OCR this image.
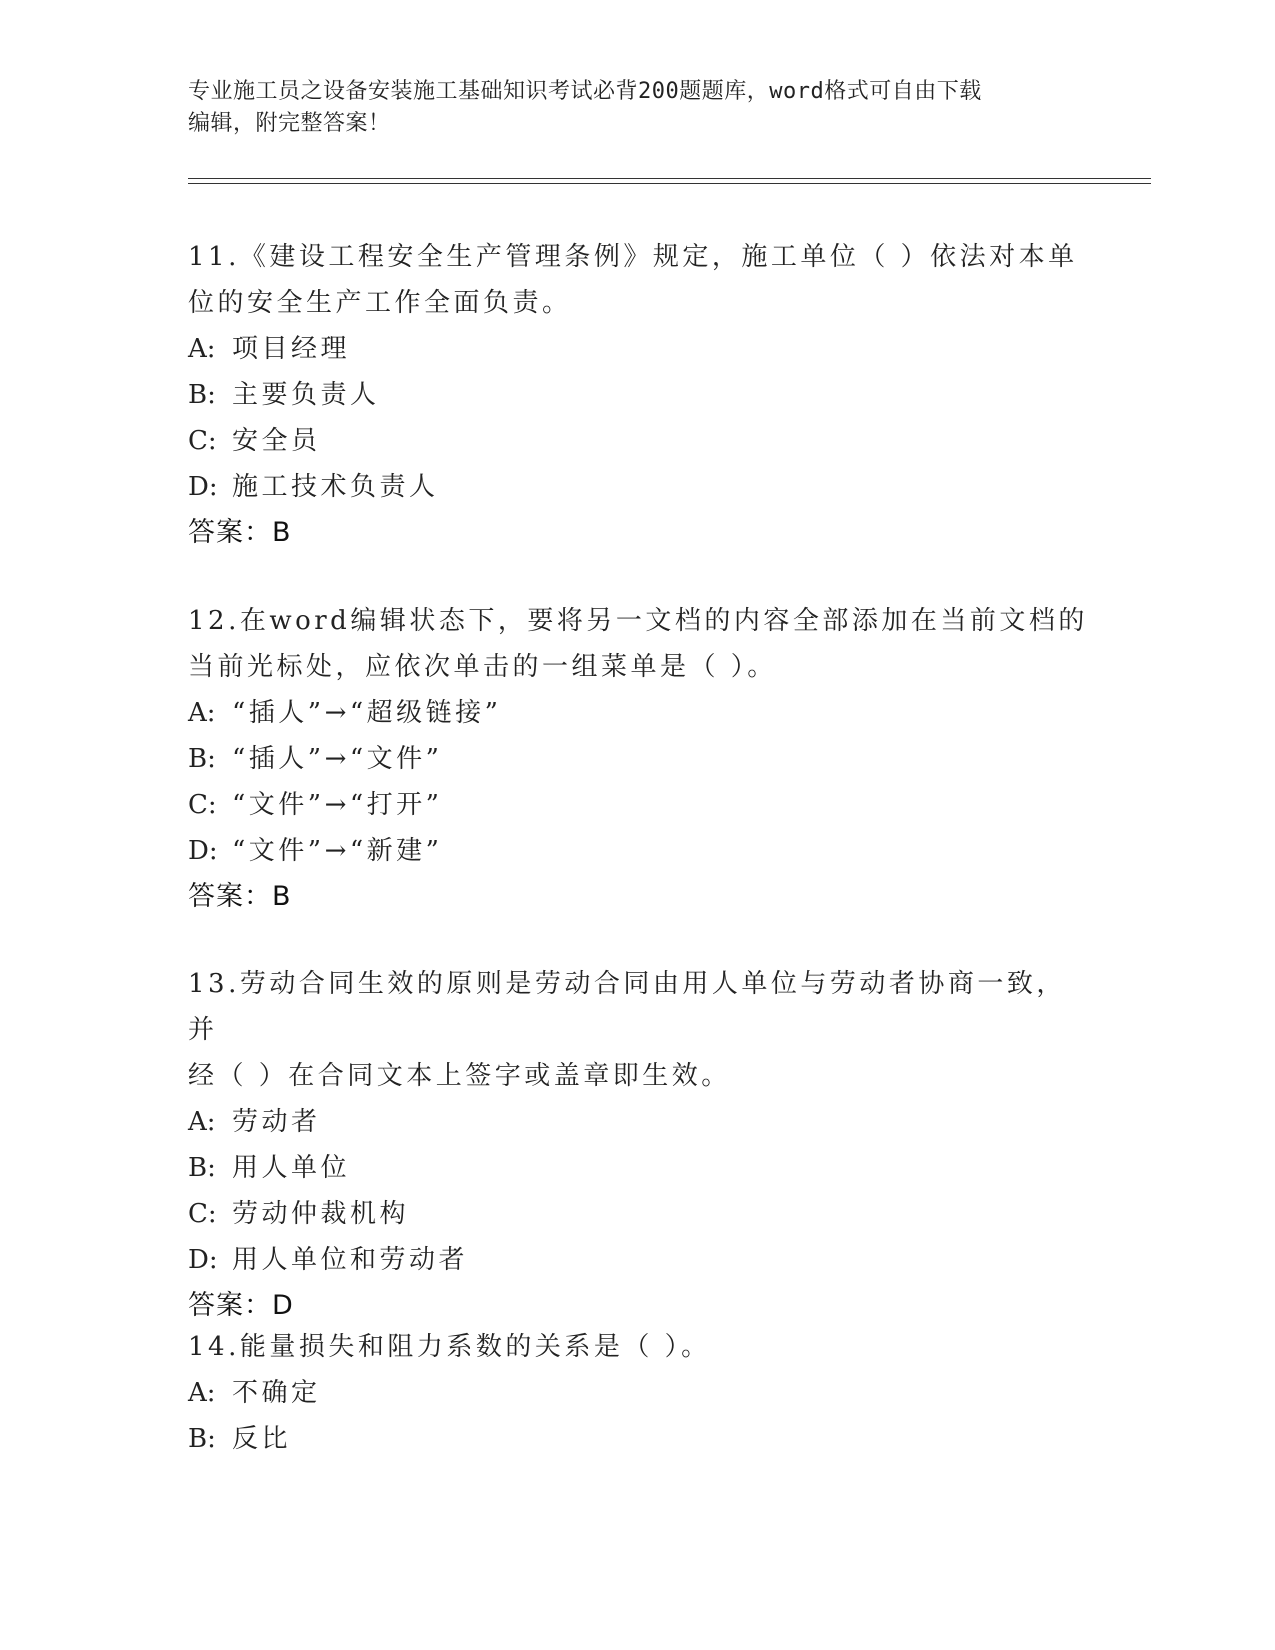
专业施工员之设备安装施工基础知识考试必背200题题库，word格式可自由下载
编辑，附完整答案！
11.《建设工程安全生产管理条例》规定，施工单位（ ）依法对本单
位的安全生产工作全面负责。
A: 项目经理
B: 主要负责人
C: 安全员
D: 施工技术负责人
答案：B
12.在word编辑状态下，要将另一文档的内容全部添加在当前文档的
当前光标处，应依次单击的一组菜单是（ ）。
A: “插人”→“超级链接”
B: “插人”→“文件”
C: “文件”→“打开”
D: “文件”→“新建”
答案：B
13.劳动合同生效的原则是劳动合同由用人单位与劳动者协商一致，并
经（ ）在合同文本上签字或盖章即生效。
A: 劳动者
B: 用人单位
C: 劳动仲裁机构
D: 用人单位和劳动者
答案：D
14.能量损失和阻力系数的关系是（ ）。
A: 不确定
B: 反比
